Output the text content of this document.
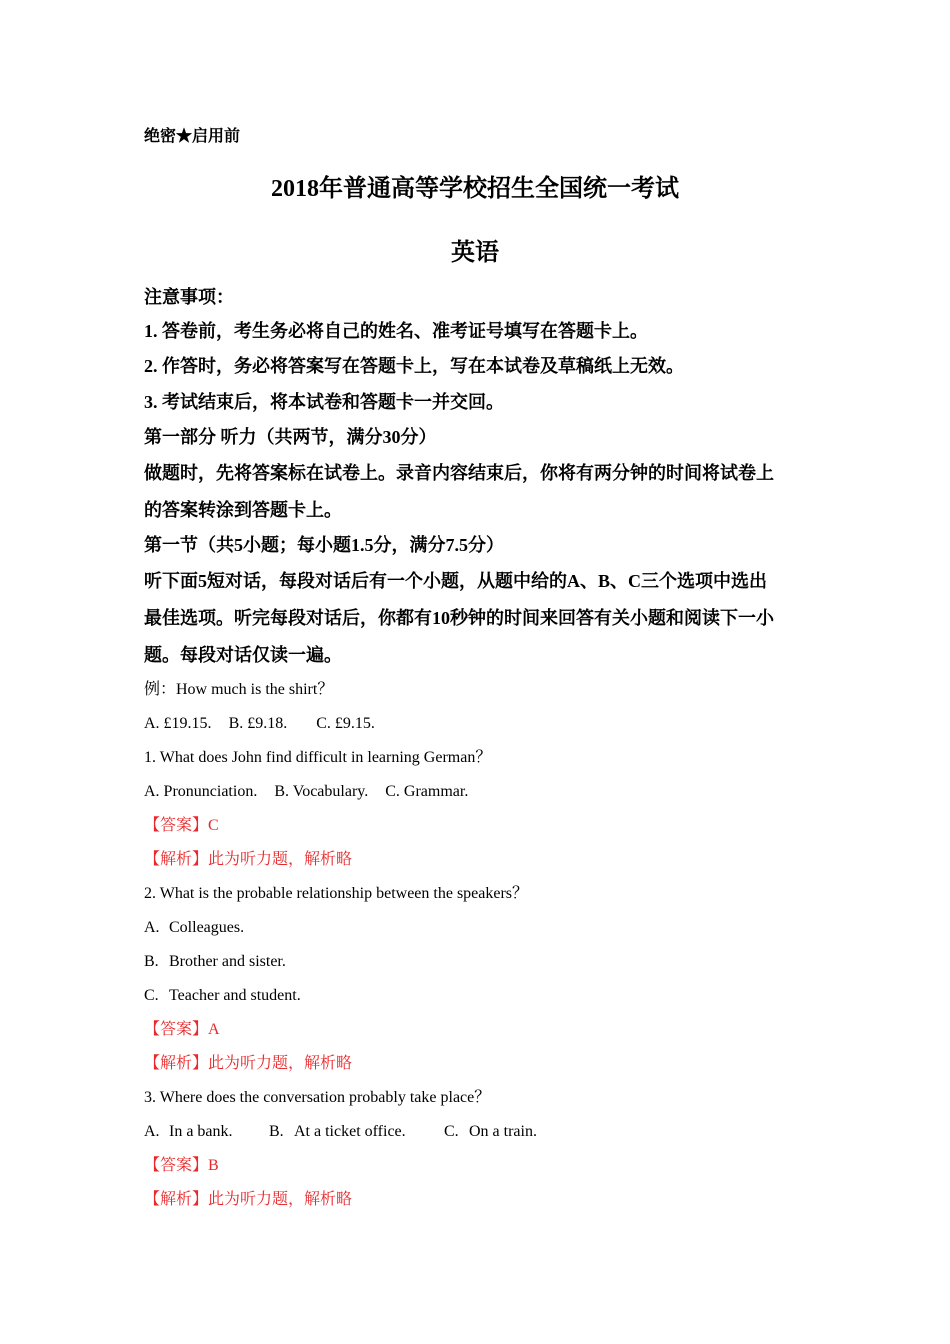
绝密★启用前
2018年普通高等学校招生全国统一考试
英语
注意事项：
1. 答卷前，考生务必将自己的姓名、准考证号填写在答题卡上。
2. 作答时，务必将答案写在答题卡上，写在本试卷及草稿纸上无效。
3. 考试结束后，将本试卷和答题卡一并交回。
第一部分 听力（共两节，满分30分）
做题时，先将答案标在试卷上。录音内容结束后，你将有两分钟的时间将试卷上
的答案转涂到答题卡上。
第一节（共5小题；每小题1.5分，满分7.5分）
听下面5短对话，每段对话后有一个小题，从题中给的A、B、C三个选项中选出
最佳选项。听完每段对话后，你都有10秒钟的时间来回答有关小题和阅读下一小
题。每段对话仅读一遍。
例：How much is the shirt？
A. £19.15. B. £9.18. C. £9.15.
1. What does John find difficult in learning German？
A. Pronunciation. B. Vocabulary. C. Grammar.
【答案】C
【解析】此为听力题，解析略
2. What is the probable relationship between the speakers？
A. Colleagues.
B. Brother and sister.
C. Teacher and student.
【答案】A
【解析】此为听力题，解析略
3. Where does the conversation probably take place？
A. In a bank. B. At a ticket office. C. On a train.
【答案】B
【解析】此为听力题，解析略
